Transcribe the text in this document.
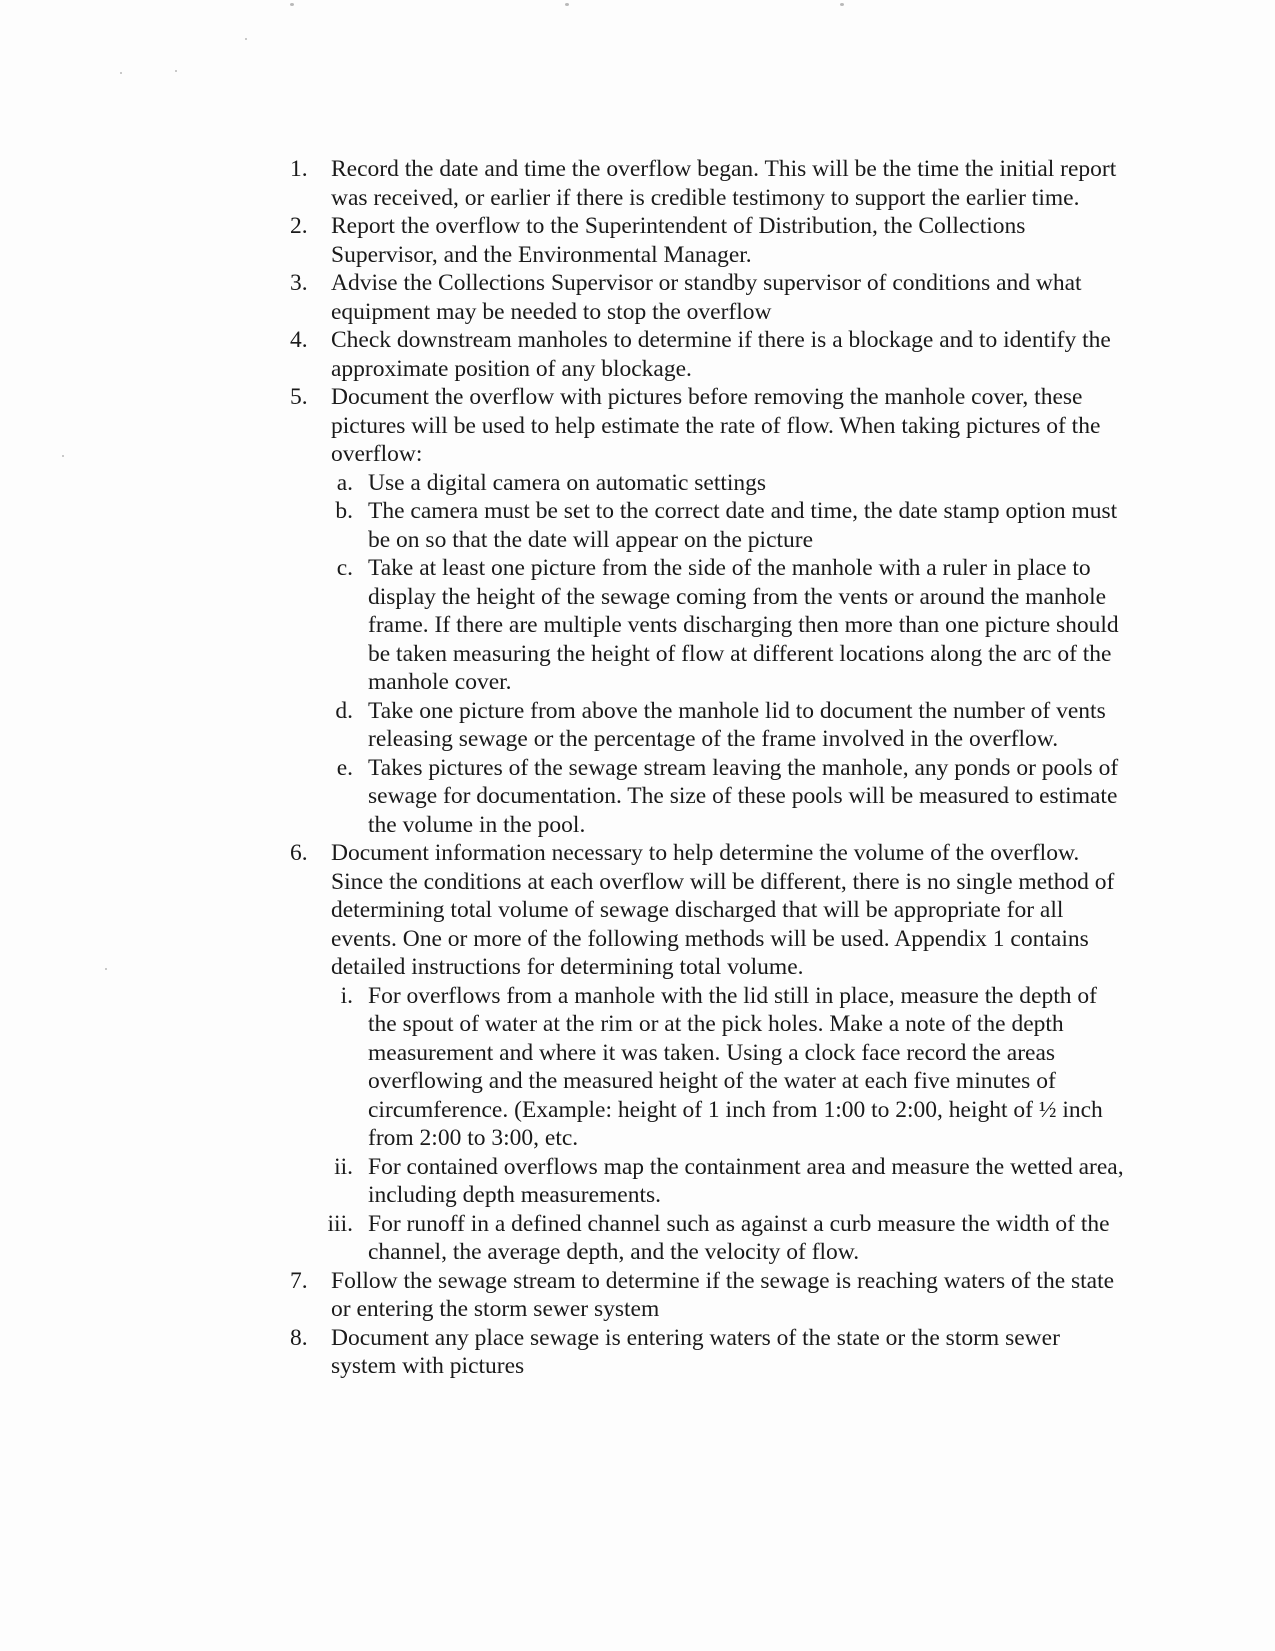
1. Record the date and time the overflow began. This will be the time the initial report was received, or earlier if there is credible testimony to support the earlier time.
2. Report the overflow to the Superintendent of Distribution, the Collections Supervisor, and the Environmental Manager.
3. Advise the Collections Supervisor or standby supervisor of conditions and what equipment may be needed to stop the overflow
4. Check downstream manholes to determine if there is a blockage and to identify the approximate position of any blockage.
5. Document the overflow with pictures before removing the manhole cover, these pictures will be used to help estimate the rate of flow. When taking pictures of the overflow:
a. Use a digital camera on automatic settings
b. The camera must be set to the correct date and time, the date stamp option must be on so that the date will appear on the picture
c. Take at least one picture from the side of the manhole with a ruler in place to display the height of the sewage coming from the vents or around the manhole frame. If there are multiple vents discharging then more than one picture should be taken measuring the height of flow at different locations along the arc of the manhole cover.
d. Take one picture from above the manhole lid to document the number of vents releasing sewage or the percentage of the frame involved in the overflow.
e. Takes pictures of the sewage stream leaving the manhole, any ponds or pools of sewage for documentation. The size of these pools will be measured to estimate the volume in the pool.
6. Document information necessary to help determine the volume of the overflow. Since the conditions at each overflow will be different, there is no single method of determining total volume of sewage discharged that will be appropriate for all events. One or more of the following methods will be used. Appendix 1 contains detailed instructions for determining total volume.
i. For overflows from a manhole with the lid still in place, measure the depth of the spout of water at the rim or at the pick holes. Make a note of the depth measurement and where it was taken. Using a clock face record the areas overflowing and the measured height of the water at each five minutes of circumference. (Example: height of 1 inch from 1:00 to 2:00, height of ½ inch from 2:00 to 3:00, etc.
ii. For contained overflows map the containment area and measure the wetted area, including depth measurements.
iii. For runoff in a defined channel such as against a curb measure the width of the channel, the average depth, and the velocity of flow.
7. Follow the sewage stream to determine if the sewage is reaching waters of the state or entering the storm sewer system
8. Document any place sewage is entering waters of the state or the storm sewer system with pictures
